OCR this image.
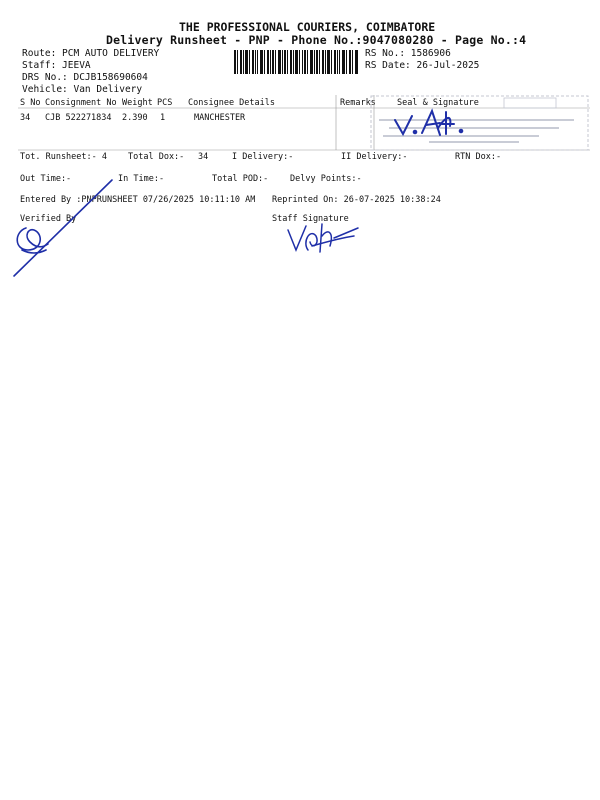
THE PROFESSIONAL COURIERS, COIMBATORE
Delivery Runsheet - PNP - Phone No.:9047080280 - Page No.:4
Route: PCM AUTO DELIVERY
Staff: JEEVA
DRS No.: DCJB158690604
Vehicle: Van Delivery
RS No.: 1586906
RS Date: 26-Jul-2025
S No Consignment No Weight PCS Consignee Details	Remarks Seal & Signature
34 CJB 522271834 2.390 1	MANCHESTER
Tot. Runsheet:- 4 Total Dox:- 34	I Delivery:-	II Delivery:-	RTN Dox:-
Out Time:-	In Time:-	Total POD:-	Delvy Points:-
Entered By :PNPRUNSHEET 07/26/2025 10:11:10 AM Reprinted On: 26-07-2025 10:38:24
Verified By	Staff Signature
